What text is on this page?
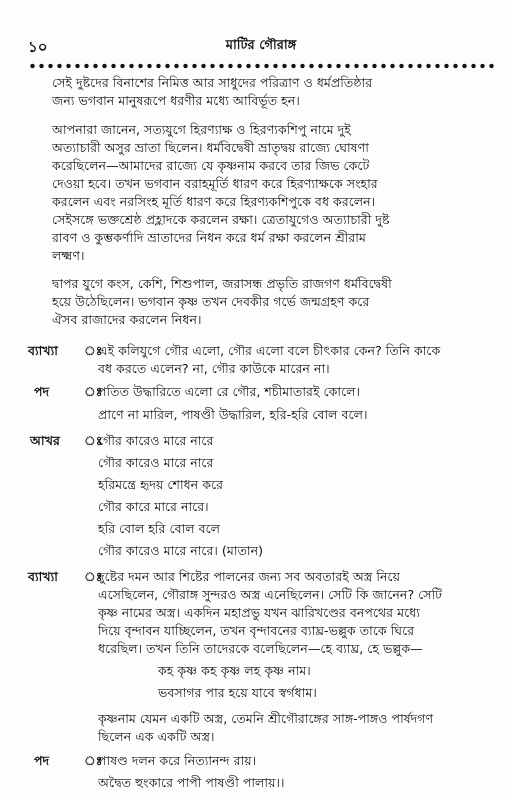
১০	মাটির গৌরাঙ্গ
সেই দুষ্টদের বিনাশের নিমিত্ত আর সাধুদের পরিত্রাণ ও ধর্মপ্রতিষ্ঠার
জন্য ভগবান মানুষরূপে ধরণীর মধ্যে আবির্ভূত হন।
আপনারা জানেন, সত্যযুগে হিরণ্যাক্ষ ও হিরণ্যকশিপু নামে দুই
অত্যাচারী অসুর ভ্রাতা ছিলেন। ধর্মবিদ্বেষী ভ্রাতৃদ্বয় রাজ্যে ঘোষণা
করেছিলেন—আমাদের রাজ্যে যে কৃষ্ণনাম করবে তার জিভ কেটে
দেওয়া হবে। তখন ভগবান বরাহমূর্তি ধারণ করে হিরণ্যাক্ষকে সংহার
করলেন এবং নরসিংহ মূর্তি ধারণ করে হিরণ্যকশিপুকে বধ করলেন।
সেইসঙ্গে ভক্তশ্রেষ্ঠ প্রহ্লাদকে করলেন রক্ষা। ত্রেতাযুগেও অত্যাচারী দুষ্ট
রাবণ ও কুম্ভকর্ণাদি ভ্রাতাদের নিধন করে ধর্ম রক্ষা করলেন শ্রীরাম
লক্ষ্মণ।
দ্বাপর যুগে কংস, কেশি, শিশুপাল, জরাসন্ধ প্রভৃতি রাজগণ ধর্মবিদ্বেষী
হয়ে উঠেছিলেন। ভগবান কৃষ্ণ তখন দেবকীর গর্ভে জন্মগ্রহণ করে
ঐসব রাজাদের করলেন নিধন।
ব্যাখ্যা ঃ
এই কলিযুগে গৌর এলো, গৌর এলো বলে চীৎকার কেন? তিনি কাকে
বধ করতে এলেন? না, গৌর কাউকে মারেন না।
পদ	ঃ
পতিত উদ্ধারিতে এলো রে গৌর, শচীমাতারই কোলে।
প্রাণে না মারিল, পাষণ্ডী উদ্ধারিল, হরি-হরি বোল বলে।
আখর ঃ
গৌর কারেও মারে নারে
গৌর কারেও মারে নারে
হরিমন্ত্রে হৃদয় শোধন করে
গৌর কারে মারে নারে।
হরি বোল হরি বোল বলে
গৌর কারেও মারে নারে। (মাতান)
ব্যাখ্যা ঃ
দুষ্টের দমন আর শিষ্টের পালনের জন্য সব অবতারই অস্ত্র নিয়ে
এসেছিলেন, গৌরাঙ্গ সুন্দরও অস্ত্র এনেছিলেন। সেটি কি জানেন? সেটি
কৃষ্ণ নামের অস্ত্র। একদিন মহাপ্রভু যখন ঝারিখণ্ডের বনপথের মধ্যে
দিয়ে বৃন্দাবন যাচ্ছিলেন, তখন বৃন্দাবনের ব্যাঘ্র-ভল্লুক তাকে ঘিরে
ধরেছিল। তখন তিনি তাদেরকে বলেছিলেন—হে ব্যাঘ্র, হে ভল্লুক—
কহ কৃষ্ণ কহ কৃষ্ণ লহ কৃষ্ণ নাম।
ভবসাগর পার হয়ে যাবে স্বর্গধাম।
কৃষ্ণনাম যেমন একটি অস্ত্র, তেমনি শ্রীগৌরাঙ্গের সাঙ্গ-পাঙ্গও পার্ষদগণ
ছিলেন এক একটি অস্ত্র।
পদ	ঃ
পাষণ্ড দলন করে নিত্যানন্দ রায়।
অদ্বৈত হুংকারে পাপী পাষণ্ডী পালায়।।
